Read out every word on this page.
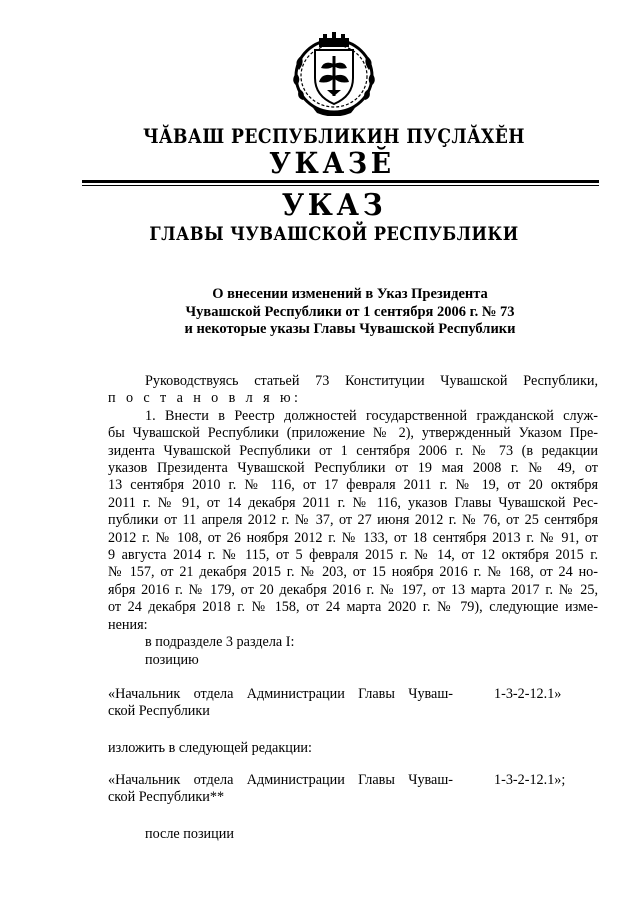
ЧĂВАШ РЕСПУБЛИКИН ПУÇЛĂХĔН
УКАЗĔ
УКАЗ
ГЛАВЫ ЧУВАШСКОЙ РЕСПУБЛИКИ
О внесении изменений в Указ Президента
Чувашской Республики от 1 сентября 2006 г. № 73
и некоторые указы Главы Чувашской Республики
Руководствуясь статьей 73 Конституции Чувашской Республики,
п о с т а н о в л я ю:
1. Внести в Реестр должностей государственной гражданской служ-
бы Чувашской Республики (приложение № 2), утвержденный Указом Пре-
зидента Чувашской Республики от 1 сентября 2006 г. № 73 (в редакции
указов Президента Чувашской Республики от 19 мая 2008 г. № 49, от
13 сентября 2010 г. № 116, от 17 февраля 2011 г. № 19, от 20 октября
2011 г. № 91, от 14 декабря 2011 г. № 116, указов Главы Чувашской Рес-
публики от 11 апреля 2012 г. № 37, от 27 июня 2012 г. № 76, от 25 сентября
2012 г. № 108, от 26 ноября 2012 г. № 133, от 18 сентября 2013 г. № 91, от
9 августа 2014 г. № 115, от 5 февраля 2015 г. № 14, от 12 октября 2015 г.
№ 157, от 21 декабря 2015 г. № 203, от 15 ноября 2016 г. № 168, от 24 но-
ября 2016 г. № 179, от 20 декабря 2016 г. № 197, от 13 марта 2017 г. № 25,
от 24 декабря 2018 г. № 158, от 24 марта 2020 г. № 79), следующие изме-
нения:
в подразделе 3 раздела I:
позицию
«Начальник отдела Администрации Главы Чуваш-
ской Республики
1-3-2-12.1»
изложить в следующей редакции:
«Начальник отдела Администрации Главы Чуваш-
ской Республики**
1-3-2-12.1»;
после позиции
